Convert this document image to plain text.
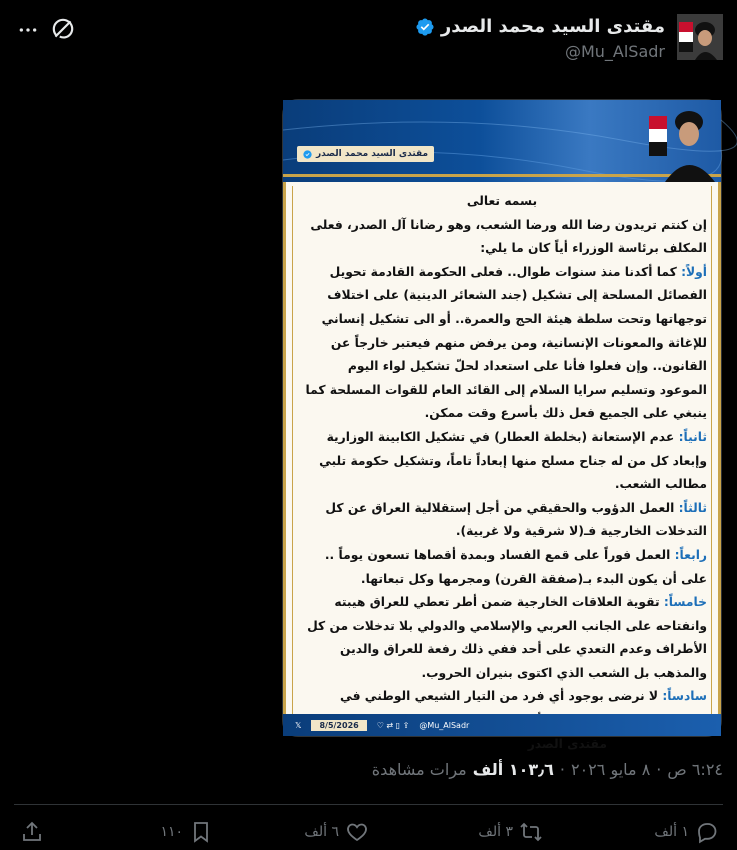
مقتدى السيد محمد الصدر
@Mu_AlSadr
مقتدى السيد محمد الصدر
بسمه تعالى
إن كنتم تريدون رضا الله ورضا الشعب، وهو رضانا آل الصدر، فعلى المكلف برئاسة الوزراء أياً كان ما يلي:
أولاً: كما أكدنا منذ سنوات طوال.. فعلى الحكومة القادمة تحويل الفصائل المسلحة إلى تشكيل (جند الشعائر الدينية) على اختلاف توجهاتها وتحت سلطة هيئة الحج والعمرة.. أو الى تشكيل إنساني للإغاثة والمعونات الإنسانية، ومن يرفض منهم فيعتبر خارجاً عن القانون.. وإن فعلوا فأنا على استعداد لحلّ تشكيل لواء اليوم الموعود وتسليم سرايا السلام إلى القائد العام للقوات المسلحة كما ينبغي على الجميع فعل ذلك بأسرع وقت ممكن.
ثانياً: عدم الإستعانة (بخلطة العطار) في تشكيل الكابينة الوزارية وإبعاد كل من له جناح مسلح منها إبعاداً تاماً، وتشكيل حكومة تلبي مطالب الشعب.
ثالثاً: العمل الدؤوب والحقيقي من أجل إستقلالية العراق عن كل التدخلات الخارجية فـ(لا شرقية ولا غربية).
رابعاً: العمل فوراً على قمع الفساد وبمدة أقصاها تسعون يوماً .. على أن يكون البدء بـ(صفقة القرن) ومجرمها وكل تبعاتها.
خامساً: تقوية العلاقات الخارجية ضمن أطر تعطي للعراق هيبته وانفتاحه على الجانب العربي والإسلامي والدولي بلا تدخلات من كل الأطراف وعدم التعدي على أحد ففي ذلك رفعة للعراق والدين والمذهب بل الشعب الذي اكتوى بنيران الحروب.
سادساً: لا نرضى بوجود أي فرد من التيار الشيعي الوطني في
مقتدى الصدر
𝕏	8/5/2026	♡ ⇄ ▯ ⇪ @Mu_AlSadr
٦:٢٤ ص
·
٨ مايو ٢٠٢٦
·
١٠٣٫٦ ألف
مرات مشاهدة
١ ألف
٣ ألف
٦ ألف
١١٠
